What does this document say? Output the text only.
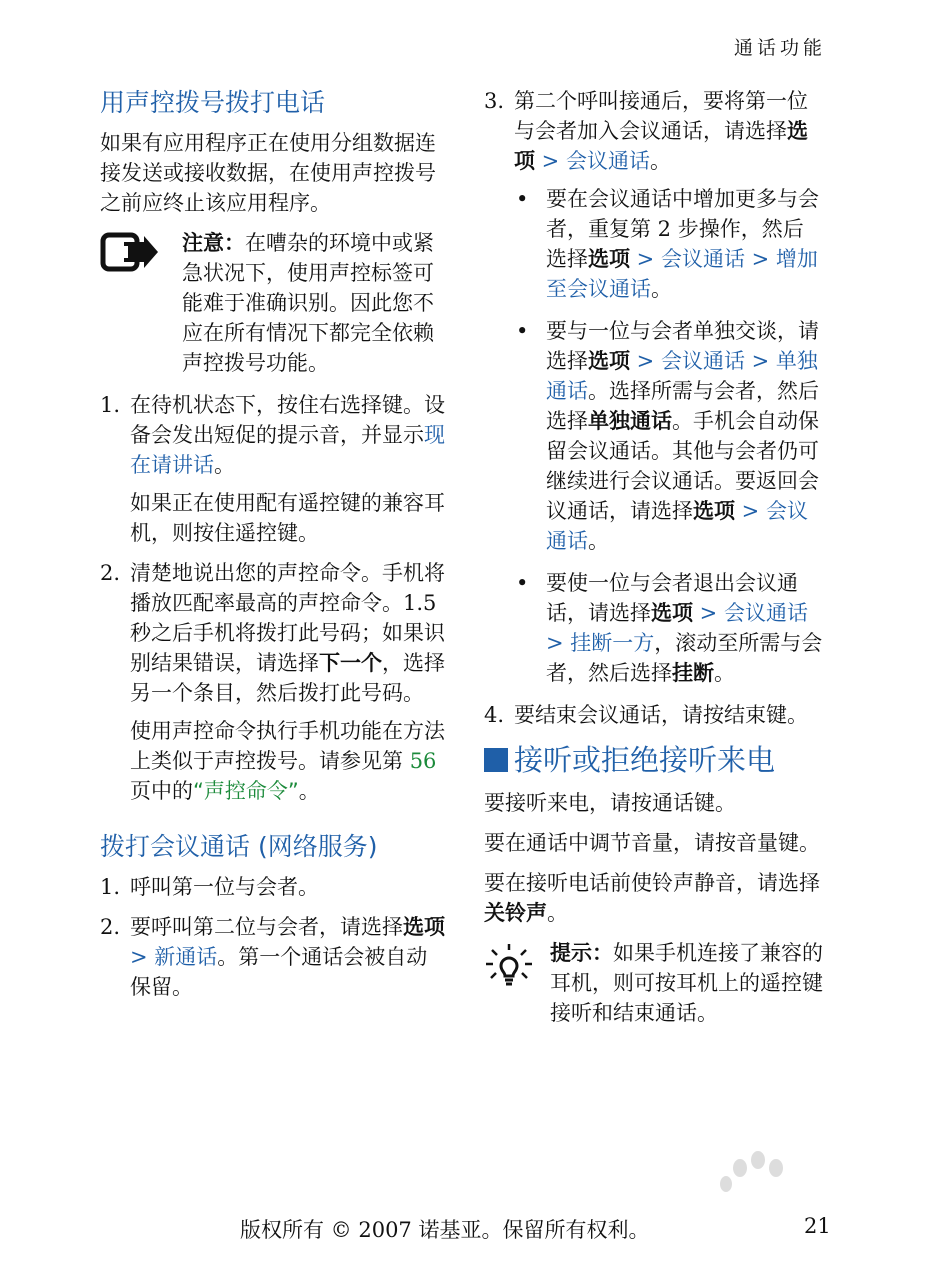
通话功能
用声控拨号拨打电话

如果有应用程序正在使用分组数据连接发送或接收数据，在使用声控拨号之前应终止该应用程序。

注意：在嘈杂的环境中或紧急状况下，使用声控标签可能难于准确识别。因此您不应在所有情况下都完全依赖声控拨号功能。
1. 在待机状态下，按住右选择键。设备会发出短促的提示音，并显示现在请讲话。
如果正在使用配有遥控键的兼容耳机，则按住遥控键。
2. 清楚地说出您的声控命令。手机将播放匹配率最高的声控命令。1.5 秒之后手机将拨打此号码；如果识别结果错误，请选择下一个，选择另一个条目，然后拨打此号码。
使用声控命令执行手机功能在方法上类似于声控拨号。请参见第 56 页中的“声控命令”。
拨打会议通话 (网络服务)
1. 呼叫第一位与会者。
2. 要呼叫第二位与会者，请选择选项 > 新通话。第一个通话会被自动保留。
3. 第二个呼叫接通后，要将第一位与会者加入会议通话，请选择选项 > 会议通话。
• 要在会议通话中增加更多与会者，重复第 2 步操作，然后选择选项 > 会议通话 > 增加至会议通话。
• 要与一位与会者单独交谈，请选择选项 > 会议通话 > 单独通话。选择所需与会者，然后选择单独通话。手机会自动保留会议通话。其他与会者仍可继续进行会议通话。要返回会议通话，请选择选项 > 会议通话。
• 要使一位与会者退出会议通话，请选择选项 > 会议通话 > 挂断一方，滚动至所需与会者，然后选择挂断。
4. 要结束会议通话，请按结束键。
接听或拒绝接听来电

要接听来电，请按通话键。

要在通话中调节音量，请按音量键。

要在接听电话前使铃声静音，请选择关铃声。

提示：如果手机连接了兼容的耳机，则可按耳机上的遥控键接听和结束通话。
版权所有 © 2007 诺基亚。保留所有权利。	21
